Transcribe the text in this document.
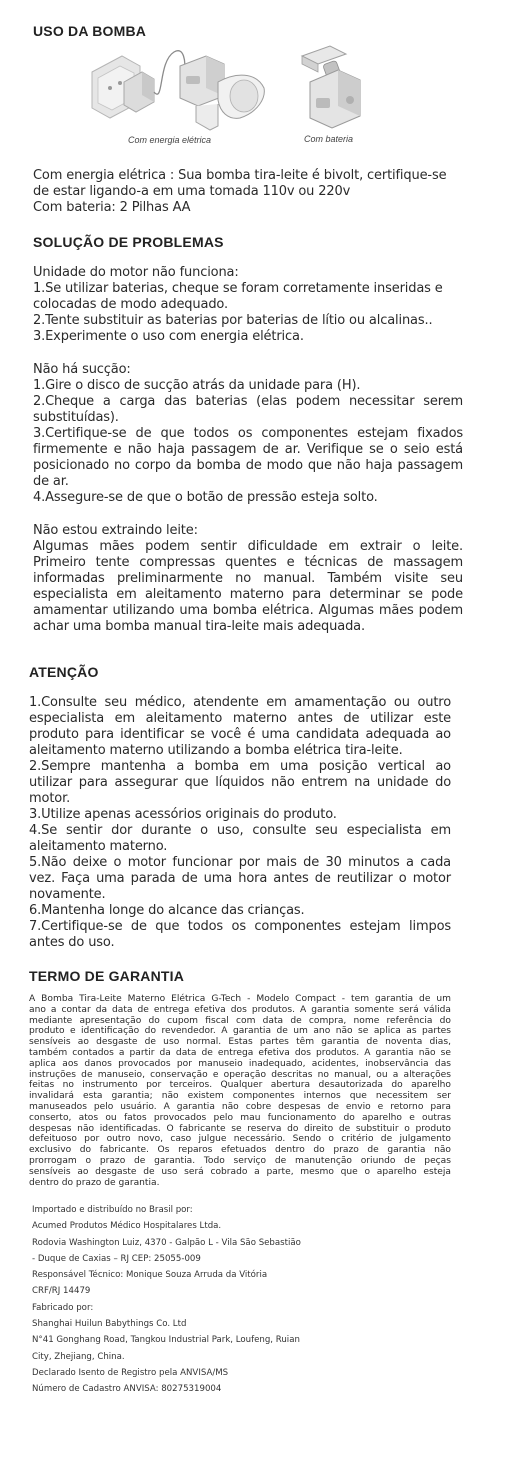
USO DA BOMBA
Com energia elétrica	Com bateria
Com energia elétrica : Sua bomba tira-leite é bivolt, certifique-se
de estar ligando-a em uma tomada 110v ou 220v
Com bateria: 2 Pilhas AA
SOLUÇÃO DE PROBLEMAS
Unidade do motor não funciona:
1.Se utilizar baterias, cheque se foram corretamente inseridas e
colocadas de modo adequado.
2.Tente substituir as baterias por baterias de lítio ou alcalinas..
3.Experimente o uso com energia elétrica.
Não há sucção:
1.Gire o disco de sucção atrás da unidade para (H).
2.Cheque a carga das baterias (elas podem necessitar serem
substituídas).
3.Certifique-se de que todos os componentes estejam fixados
firmemente e não haja passagem de ar. Verifique se o seio está
posicionado no corpo da bomba de modo que não haja passagem
de ar.
4.Assegure-se de que o botão de pressão esteja solto.
Não estou extraindo leite:
Algumas mães podem sentir dificuldade em extrair o leite.
Primeiro tente compressas quentes e técnicas de massagem
informadas preliminarmente no manual. Também visite seu
especialista em aleitamento materno para determinar se pode
amamentar utilizando uma bomba elétrica. Algumas mães podem
achar uma bomba manual tira-leite mais adequada.
ATENÇÃO
1.Consulte seu médico, atendente em amamentação ou outro
especialista em aleitamento materno antes de utilizar este
produto para identificar se você é uma candidata adequada ao
aleitamento materno utilizando a bomba elétrica tira-leite.
2.Sempre mantenha a bomba em uma posição vertical ao
utilizar para assegurar que líquidos não entrem na unidade do
motor.
3.Utilize apenas acessórios originais do produto.
4.Se sentir dor durante o uso, consulte seu especialista em
aleitamento materno.
5.Não deixe o motor funcionar por mais de 30 minutos a cada
vez. Faça uma parada de uma hora antes de reutilizar o motor
novamente.
6.Mantenha longe do alcance das crianças.
7.Certifique-se de que todos os componentes estejam limpos
antes do uso.
TERMO DE GARANTIA
A Bomba Tira-Leite Materno Elétrica G-Tech - Modelo Compact - tem garantia de um
ano a contar da data de entrega efetiva dos produtos. A garantia somente será válida
mediante apresentação do cupom fiscal com data de compra, nome referência do
produto e identificação do revendedor. A garantia de um ano não se aplica as partes
sensíveis ao desgaste de uso normal. Estas partes têm garantia de noventa dias,
também contados a partir da data de entrega efetiva dos produtos. A garantia não se
aplica aos danos provocados por manuseio inadequado, acidentes, inobservância das
instruções de manuseio, conservação e operação descritas no manual, ou a alterações
feitas no instrumento por terceiros. Qualquer abertura desautorizada do aparelho
invalidará esta garantia; não existem componentes internos que necessitem ser
manuseados pelo usuário. A garantia não cobre despesas de envio e retorno para
conserto, atos ou fatos provocados pelo mau funcionamento do aparelho e outras
despesas não identificadas. O fabricante se reserva do direito de substituir o produto
defeituoso por outro novo, caso julgue necessário. Sendo o critério de julgamento
exclusivo do fabricante. Os reparos efetuados dentro do prazo de garantia não
prorrogam o prazo de garantia. Todo serviço de manutenção oriundo de peças
sensíveis ao desgaste de uso será cobrado a parte, mesmo que o aparelho esteja
dentro do prazo de garantia.
Importado e distribuído no Brasil por:
Acumed Produtos Médico Hospitalares Ltda.
Rodovia Washington Luiz, 4370 - Galpão L - Vila São Sebastião
- Duque de Caxias – RJ CEP: 25055-009
Responsável Técnico: Monique Souza Arruda da Vitória
CRF/RJ 14479
Fabricado por:
Shanghai Huilun Babythings Co. Ltd
N°41 Gonghang Road, Tangkou Industrial Park, Loufeng, Ruian
City, Zhejiang, China.
Declarado Isento de Registro pela ANVISA/MS
Número de Cadastro ANVISA: 80275319004
